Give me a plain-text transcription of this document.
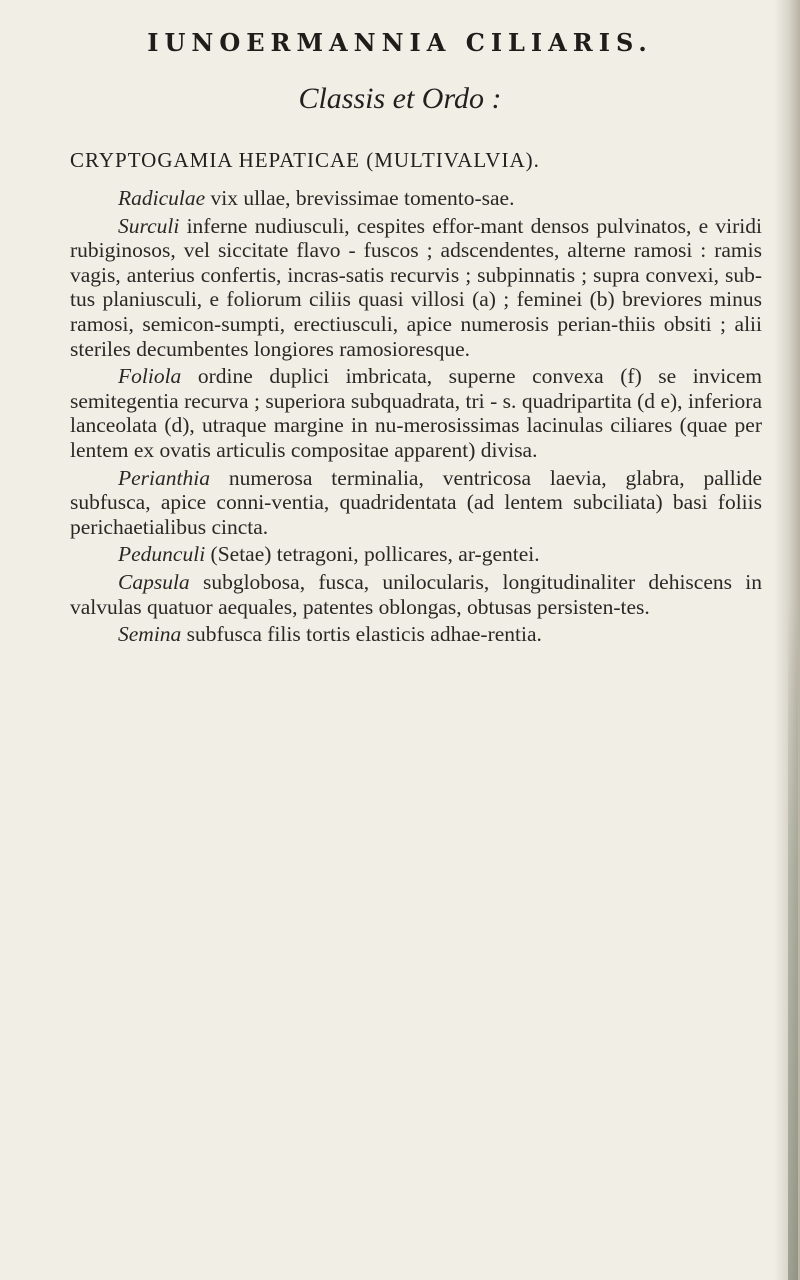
IUNOERMANNIA CILIARIS.
Classis et Ordo :
CRYPTOGAMIA HEPATICAE (MULTIVALVIA).

Radiculae vix ullae, brevissimae tomento-sae.

Surculi inferne nudiusculi, cespites effor-mant densos pulvinatos, e viridi rubiginosos, vel siccitate flavo - fuscos ; adscendentes, alterne ramosi : ramis vagis, anterius confertis, incras-satis recurvis ; subpinnatis ; supra convexi, sub-tus planiusculi, e foliorum ciliis quasi villosi (a) ; feminei (b) breviores minus ramosi, semicon-sumpti, erectiusculi, apice numerosis perian-thiis obsiti ; alii steriles decumbentes longiores ramosioresque.

Foliola ordine duplici imbricata, superne convexa (f) se invicem semitegentia recurva ; superiora subquadrata, tri - s. quadripartita (d e), inferiora lanceolata (d), utraque margine in nu-merosissimas lacinulas ciliares (quae per lentem ex ovatis articulis compositae apparent) divisa.

Perianthia numerosa terminalia, ventricosa laevia, glabra, pallide subfusca, apice conni-ventia, quadridentata (ad lentem subciliata) basi foliis perichaetialibus cincta.

Pedunculi (Setae) tetragoni, pollicares, ar-gentei.

Capsula subglobosa, fusca, unilocularis, longitudinaliter dehiscens in valvulas quatuor aequales, patentes oblongas, obtusas persisten-tes.

Semina subfusca filis tortis elasticis adhae-rentia.
